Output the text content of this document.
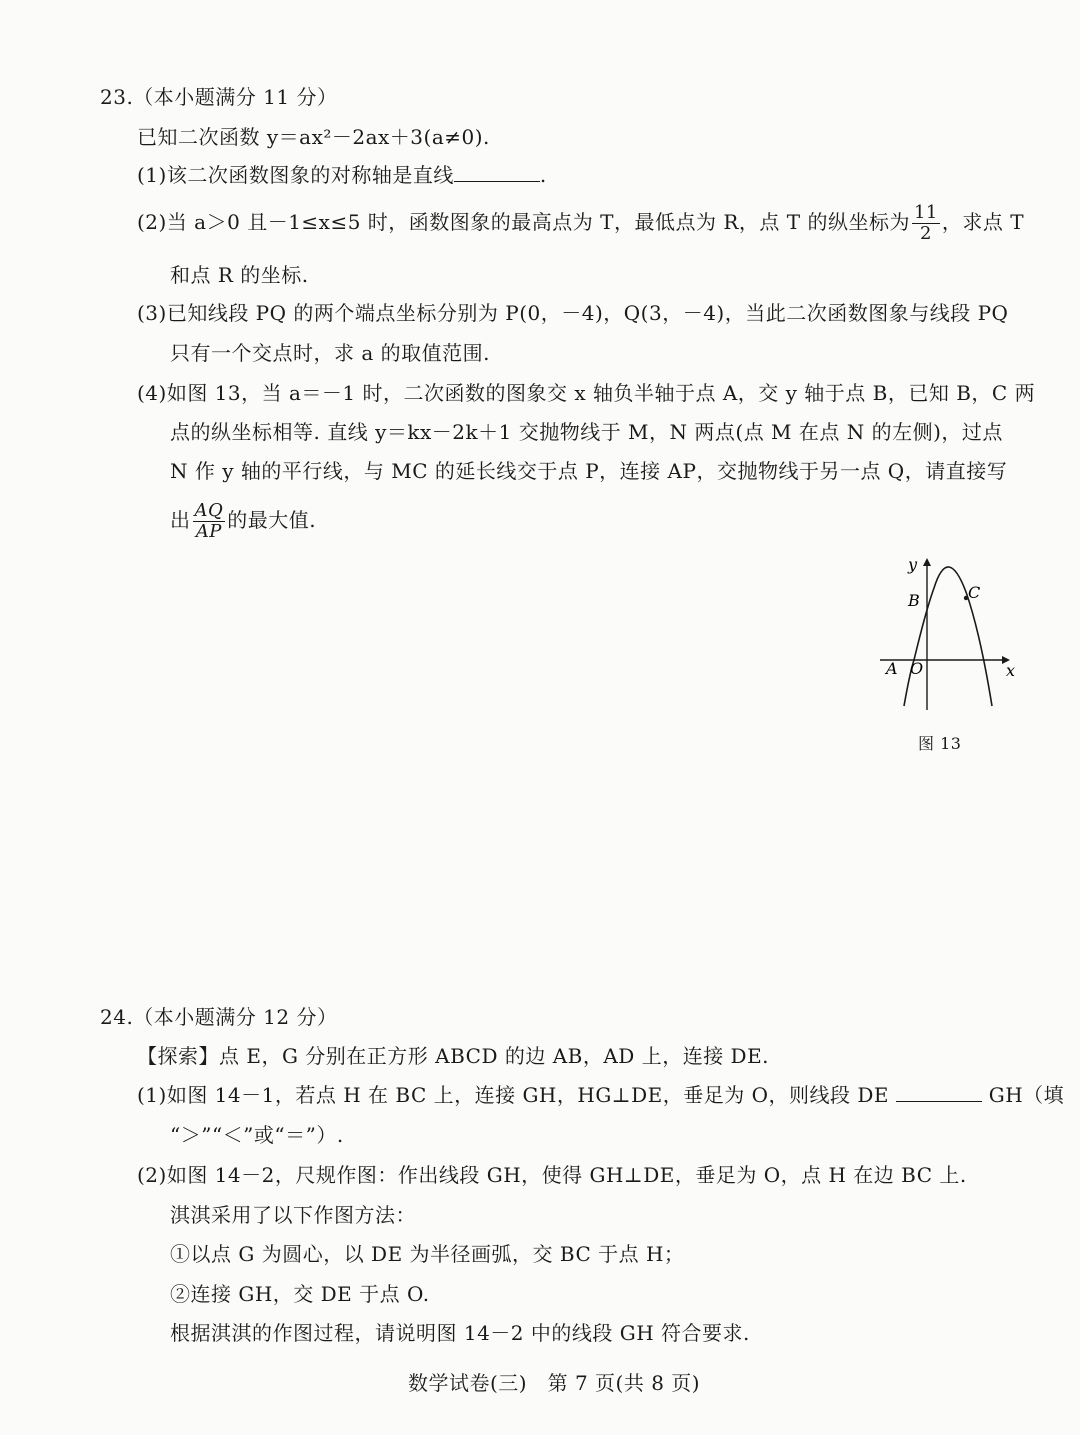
23.（本小题满分 11 分）
已知二次函数 y＝ax²－2ax＋3(a≠0).
(1)该二次函数图象的对称轴是直线	.
(2)当 a＞0 且－1≤x≤5 时，函数图象的最高点为 T，最低点为 R，点 T 的纵坐标为 $\frac{11}{2}$ ，求点 T
和点 R 的坐标.
(3)已知线段 PQ 的两个端点坐标分别为 P(0，－4)，Q(3，－4)，当此二次函数图象与线段 PQ
只有一个交点时，求 a 的取值范围.
(4)如图 13，当 a＝－1 时，二次函数的图象交 x 轴负半轴于点 A，交 y 轴于点 B，已知 B，C 两
点的纵坐标相等. 直线 y＝kx－2k＋1 交抛物线于 M，N 两点(点 M 在点 N 的左侧)，过点
N 作 y 轴的平行线，与 MC 的延长线交于点 P，连接 AP，交抛物线于另一点 Q，请直接写
出 $\frac{AQ}{AP}$ 的最大值.
y
x
B	C
A O
图 13
24.（本小题满分 12 分）
【探索】点 E，G 分别在正方形 ABCD 的边 AB，AD 上，连接 DE.
(1)如图 14－1，若点 H 在 BC 上，连接 GH，HG⊥DE，垂足为 O，则线段 DE	GH（填
“＞”“＜”或“＝”）.
(2)如图 14－2，尺规作图：作出线段 GH，使得 GH⊥DE，垂足为 O，点 H 在边 BC 上.
淇淇采用了以下作图方法：
①以点 G 为圆心，以 DE 为半径画弧，交 BC 于点 H；
②连接 GH，交 DE 于点 O.
根据淇淇的作图过程，请说明图 14－2 中的线段 GH 符合要求.
数学试卷(三)　第 7 页(共 8 页)
